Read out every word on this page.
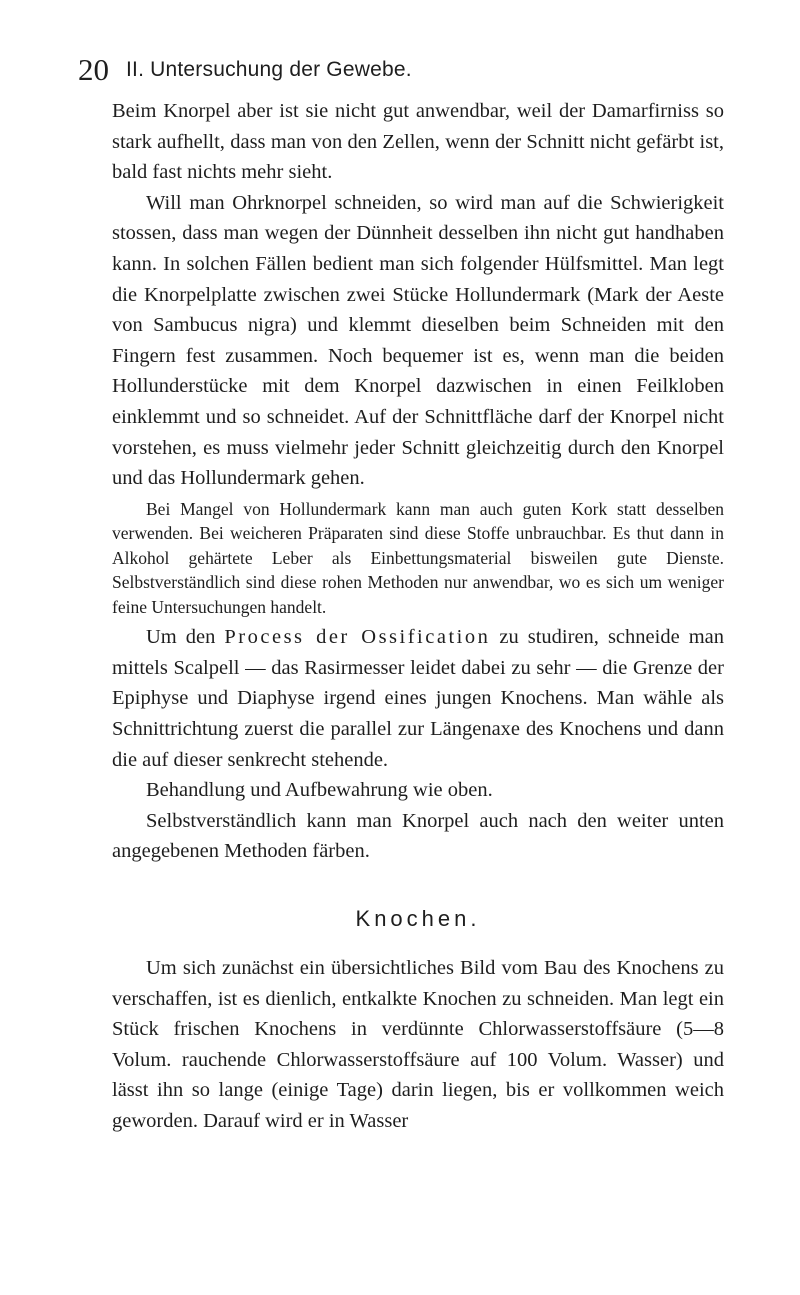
20 II. Untersuchung der Gewebe.

Beim Knorpel aber ist sie nicht gut anwendbar, weil der Damarfirniss so stark aufhellt, dass man von den Zellen, wenn der Schnitt nicht gefärbt ist, bald fast nichts mehr sieht.

Will man Ohrknorpel schneiden, so wird man auf die Schwierigkeit stossen, dass man wegen der Dünnheit desselben ihn nicht gut handhaben kann. In solchen Fällen bedient man sich folgender Hülfsmittel. Man legt die Knorpelplatte zwischen zwei Stücke Hollundermark (Mark der Aeste von Sambucus nigra) und klemmt dieselben beim Schneiden mit den Fingern fest zusammen. Noch bequemer ist es, wenn man die beiden Hollunderstücke mit dem Knorpel dazwischen in einen Feilkloben einklemmt und so schneidet. Auf der Schnittfläche darf der Knorpel nicht vorstehen, es muss vielmehr jeder Schnitt gleichzeitig durch den Knorpel und das Hollundermark gehen.

Bei Mangel von Hollundermark kann man auch guten Kork statt desselben verwenden. Bei weicheren Präparaten sind diese Stoffe unbrauchbar. Es thut dann in Alkohol gehärtete Leber als Einbettungsmaterial bisweilen gute Dienste. Selbstverständlich sind diese rohen Methoden nur anwendbar, wo es sich um weniger feine Untersuchungen handelt.

Um den Process der Ossification zu studiren, schneide man mittels Scalpell — das Rasirmesser leidet dabei zu sehr — die Grenze der Epiphyse und Diaphyse irgend eines jungen Knochens. Man wähle als Schnittrichtung zuerst die parallel zur Längenaxe des Knochens und dann die auf dieser senkrecht stehende.

Behandlung und Aufbewahrung wie oben.

Selbstverständlich kann man Knorpel auch nach den weiter unten angegebenen Methoden färben.

Knochen.

Um sich zunächst ein übersichtliches Bild vom Bau des Knochens zu verschaffen, ist es dienlich, entkalkte Knochen zu schneiden. Man legt ein Stück frischen Knochens in verdünnte Chlorwasserstoffsäure (5—8 Volum. rauchende Chlorwasserstoffsäure auf 100 Volum. Wasser) und lässt ihn so lange (einige Tage) darin liegen, bis er vollkommen weich geworden. Darauf wird er in Wasser
